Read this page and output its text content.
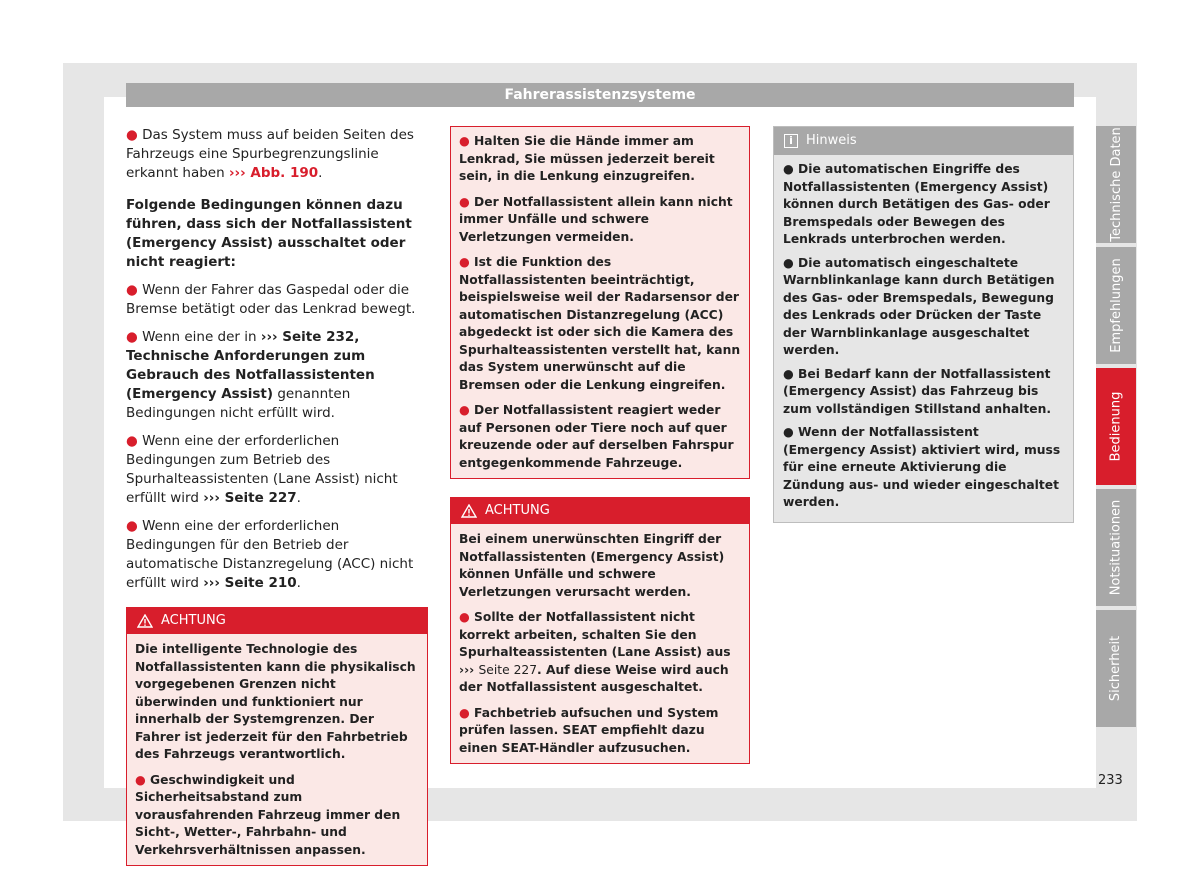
Fahrerassistenzsysteme
● Das System muss auf beiden Seiten des Fahrzeugs eine Spurbegrenzungslinie erkannt haben ››› Abb. 190.
Folgende Bedingungen können dazu führen, dass sich der Notfallassistent (Emergency Assist) ausschaltet oder nicht reagiert:
● Wenn der Fahrer das Gaspedal oder die Bremse betätigt oder das Lenkrad bewegt.
● Wenn eine der in ››› Seite 232, Technische Anforderungen zum Gebrauch des Notfallassistenten (Emergency Assist) genannten Bedingungen nicht erfüllt wird.
● Wenn eine der erforderlichen Bedingungen zum Betrieb des Spurhalteassistenten (Lane Assist) nicht erfüllt wird ››› Seite 227.
● Wenn eine der erforderlichen Bedingungen für den Betrieb der automatische Distanzregelung (ACC) nicht erfüllt wird ››› Seite 210.
ACHTUNG
Die intelligente Technologie des Notfallassistenten kann die physikalisch vorgegebenen Grenzen nicht überwinden und funktioniert nur innerhalb der Systemgrenzen. Der Fahrer ist jederzeit für den Fahrbetrieb des Fahrzeugs verantwortlich.
● Geschwindigkeit und Sicherheitsabstand zum vorausfahrenden Fahrzeug immer den Sicht-, Wetter-, Fahrbahn- und Verkehrsverhältnissen anpassen.
● Halten Sie die Hände immer am Lenkrad, Sie müssen jederzeit bereit sein, in die Lenkung einzugreifen.
● Der Notfallassistent allein kann nicht immer Unfälle und schwere Verletzungen vermeiden.
● Ist die Funktion des Notfallassistenten beeinträchtigt, beispielsweise weil der Radarsensor der automatischen Distanzregelung (ACC) abgedeckt ist oder sich die Kamera des Spurhalteassistenten verstellt hat, kann das System unerwünscht auf die Bremsen oder die Lenkung eingreifen.
● Der Notfallassistent reagiert weder auf Personen oder Tiere noch auf quer kreuzende oder auf derselben Fahrspur entgegenkommende Fahrzeuge.
ACHTUNG
Bei einem unerwünschten Eingriff der Notfallassistenten (Emergency Assist) können Unfälle und schwere Verletzungen verursacht werden.
● Sollte der Notfallassistent nicht korrekt arbeiten, schalten Sie den Spurhalteassistenten (Lane Assist) aus ››› Seite 227. Auf diese Weise wird auch der Notfallassistent ausgeschaltet.
● Fachbetrieb aufsuchen und System prüfen lassen. SEAT empfiehlt dazu einen SEAT-Händler aufzusuchen.
i	Hinweis
● Die automatischen Eingriffe des Notfallassistenten (Emergency Assist) können durch Betätigen des Gas- oder Bremspedals oder Bewegen des Lenkrads unterbrochen werden.
● Die automatisch eingeschaltete Warnblinkanlage kann durch Betätigen des Gas- oder Bremspedals, Bewegung des Lenkrads oder Drücken der Taste der Warnblinkanlage ausgeschaltet werden.
● Bei Bedarf kann der Notfallassistent (Emergency Assist) das Fahrzeug bis zum vollständigen Stillstand anhalten.
● Wenn der Notfallassistent (Emergency Assist) aktiviert wird, muss für eine erneute Aktivierung die Zündung aus- und wieder eingeschaltet werden.
Technische Daten
Empfehlungen
Bedienung
Notsituationen
Sicherheit
233
